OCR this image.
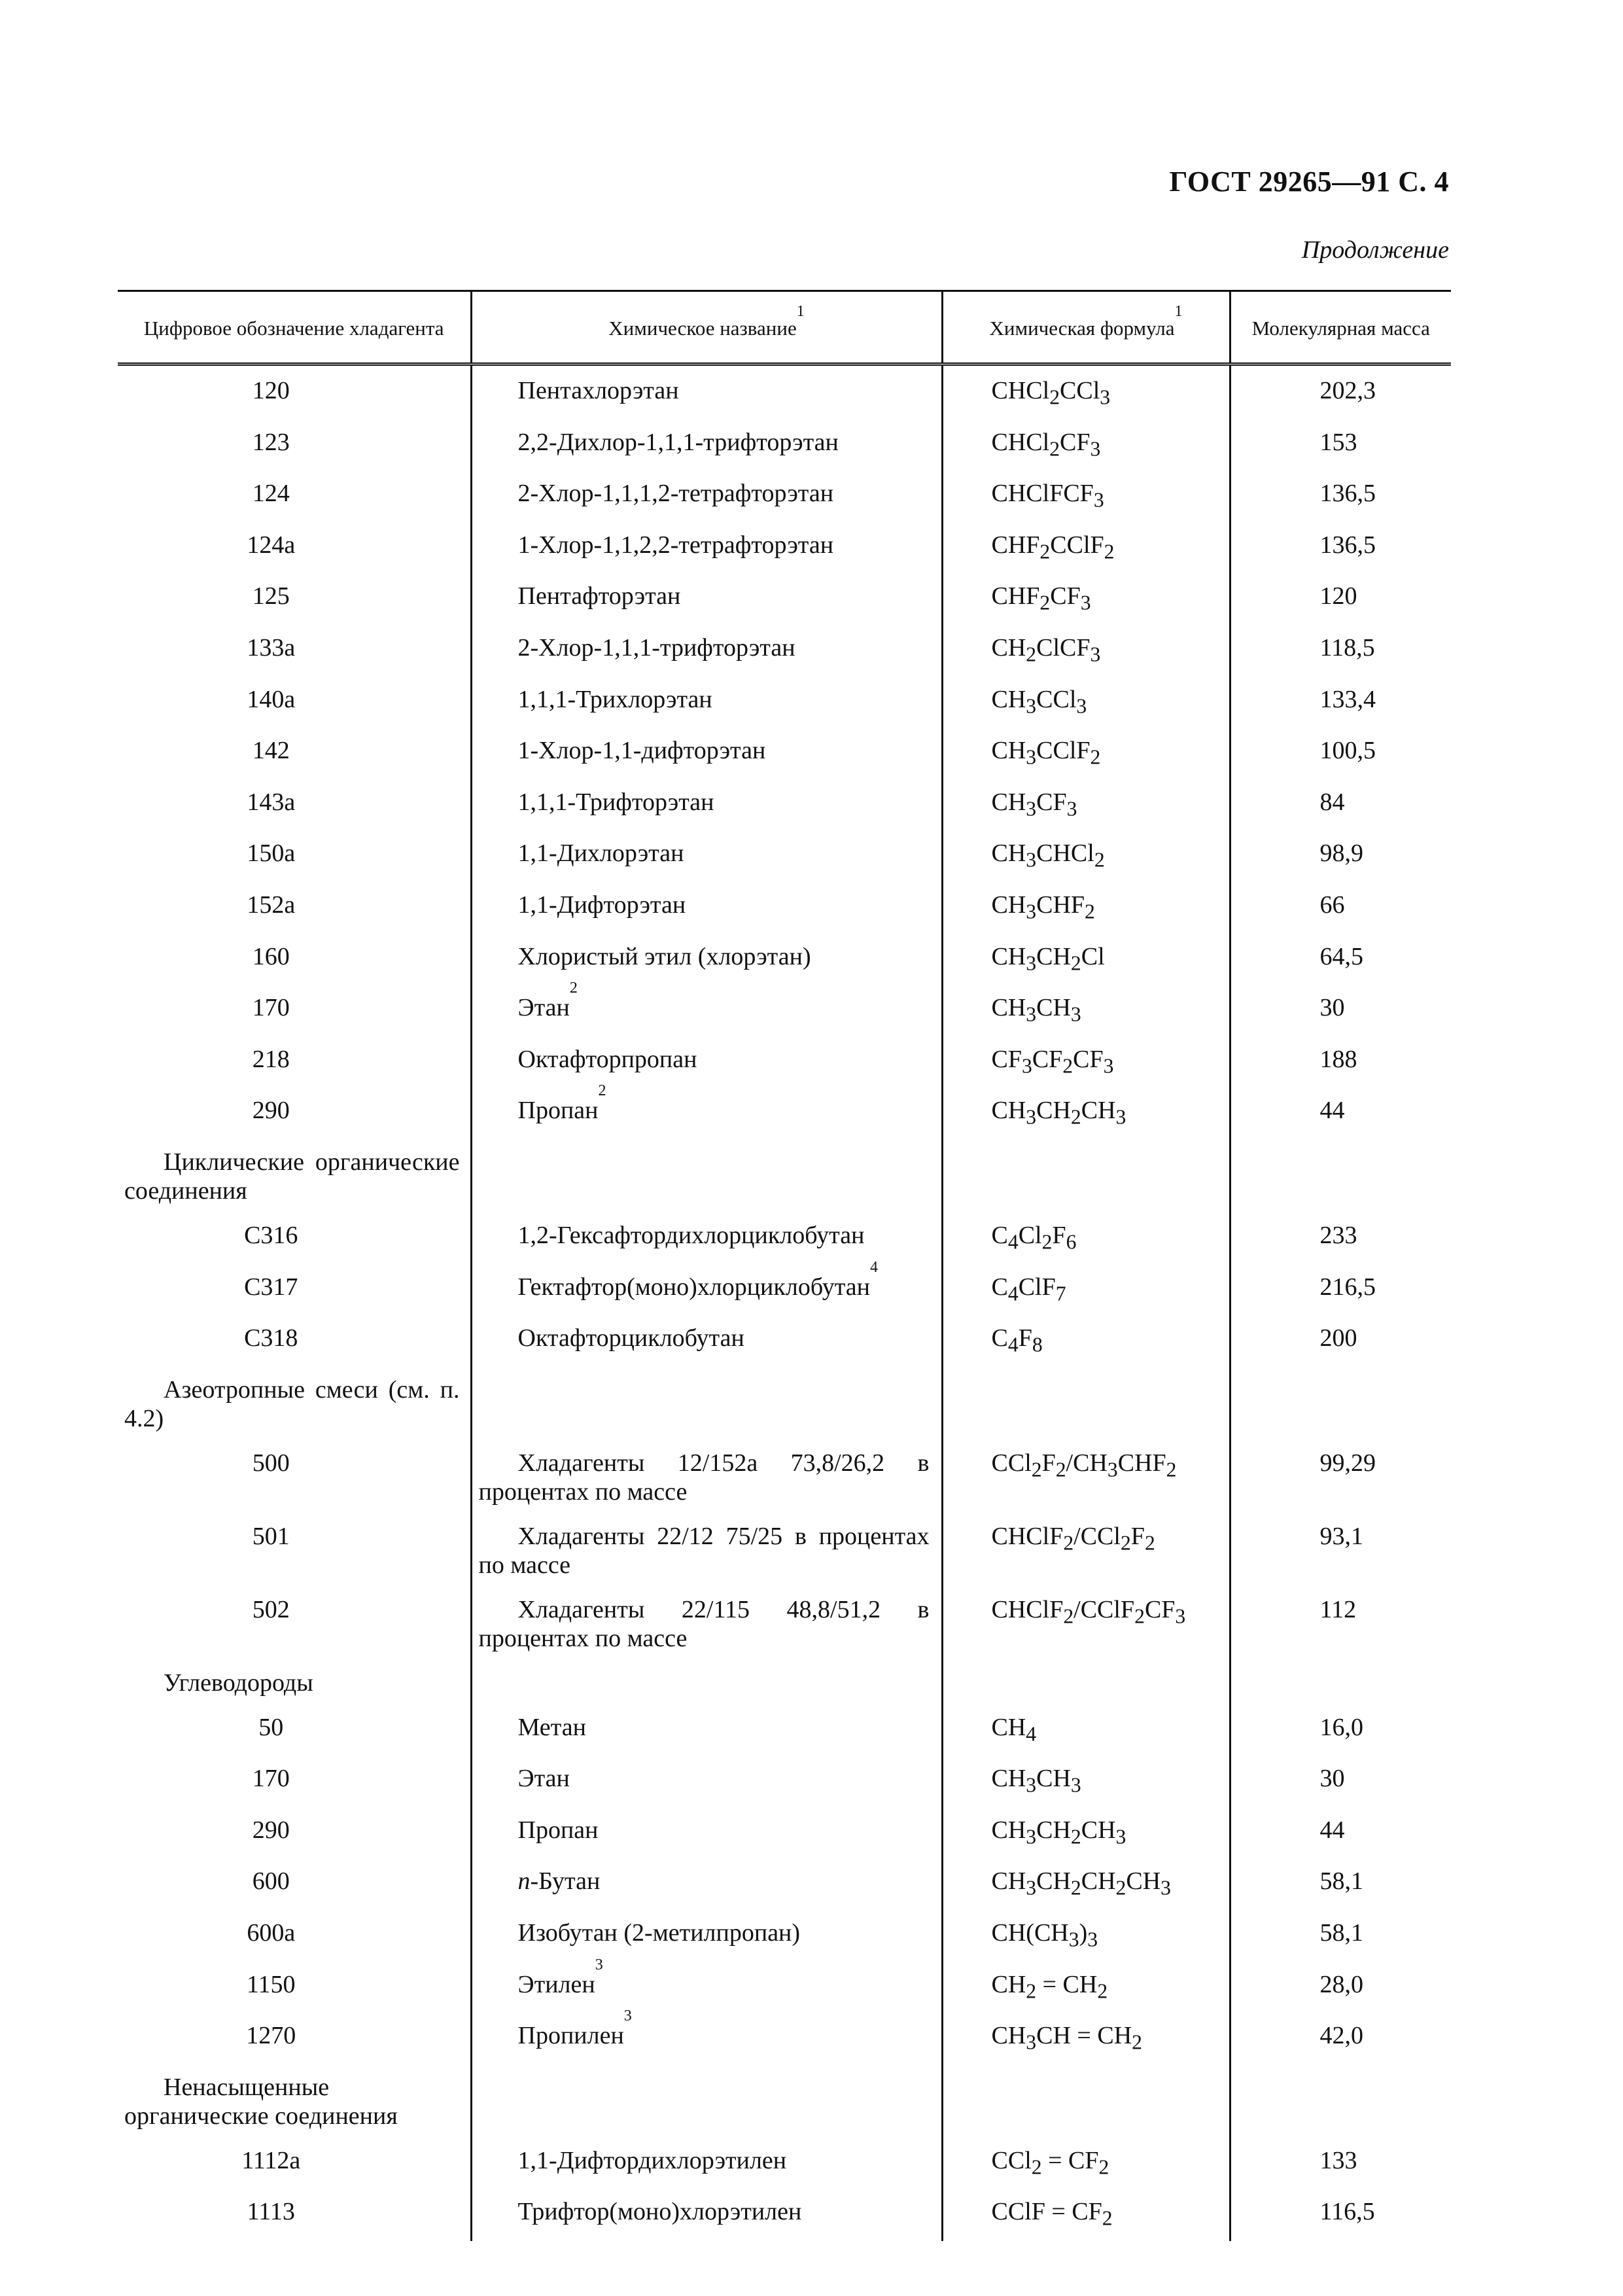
ГОСТ 29265—91 С. 4
Продолжение
Цифровое обозначение хладагента	Химическое название$^1$	Химическая формула$^1$	Молекулярная масса
120	Пентахлорэтан	CHCl$_2$CCl$_3$	202,3
123	2,2-Дихлор-1,1,1-трифторэтан	$CHCl_2CF_3$	153
124	2-Хлор-1,1,1,2-тетрафторэтан	CHClFCF$_3$	136,5
124a	1-Хлор-1,1,2,2-тетрафторэтан	$CHF_2CClF_2$	136,5
125	Пентафторэтан	$CHF_2CF_3$	120
133a	2-Хлор-1,1,1-трифторэтан	$CH_2ClCF_3$	118,5
140a	1,1,1-Трихлорэтан	$CH_3CCl_3$	133,4
142	1-Хлор-1,1-дифторэтан	$CH_3CClF_2$	100,5
143a	1,1,1-Трифторэтан	$CH_3CF_3$	84
150a	1,1-Дихлорэтан	$CH_3CHCl_2$	98,9
152a	1,1-Дифторэтан	$CH_3CHF_2$	66
160	Хлористый этил (хлорэтан)	$CH_3CH_2Cl$	64,5
170	Этан$^2$	$CH_3CH_3$	30
218	Октафторпропан	$CF_3CF_2CF_3$	188
290	Пропан$^2$	$CH_3CH_2CH_3$	44
Циклические органические соединения			
C316	1,2-Гексафтордихлорциклобутан	$C_4Cl_2F_6$	233
C317	Гектафтор(моно)хлорциклобутан$^4$	$C_4ClF_7$	216,5
C318	Октафторциклобутан	$C_4F_8$	200
Азеотропные смеси (см. п. 4.2)			
500	Хладагенты 12/152a 73,8/26,2 в процентах по массе	$CCl_2F_2/CH_3CHF_2$	99,29
501	Хладагенты 22/12 75/25 в процентах по массе	$CHClF_2/CCl_2F_2$	93,1
502	Хладагенты 22/115 48,8/51,2 в процентах по массе	$CHClF_2/CClF_2CF_3$	112
Углеводороды			
50	Метан	$CH_4$	16,0
170	Этан	$CH_3CH_3$	30
290	Пропан	$CH_3CH_2CH_3$	44
600	n-Бутан	$CH_3CH_2CH_2CH_3$	58,1
600a	Изобутан (2-метилпропан)	$CH(CH_3)_3$	58,1
1150	Этилен$^3$	$CH_2 = CH_2$	28,0
1270	Пропилен$^3$	$CH_3CH = CH_2$	42,0
Ненасыщенные органические соединения			
1112a	1,1-Дифтордихлорэтилен	$CCl_2 = CF_2$	133
1113	Трифтор(моно)хлорэтилен	CClF = $CF_2$	116,5
